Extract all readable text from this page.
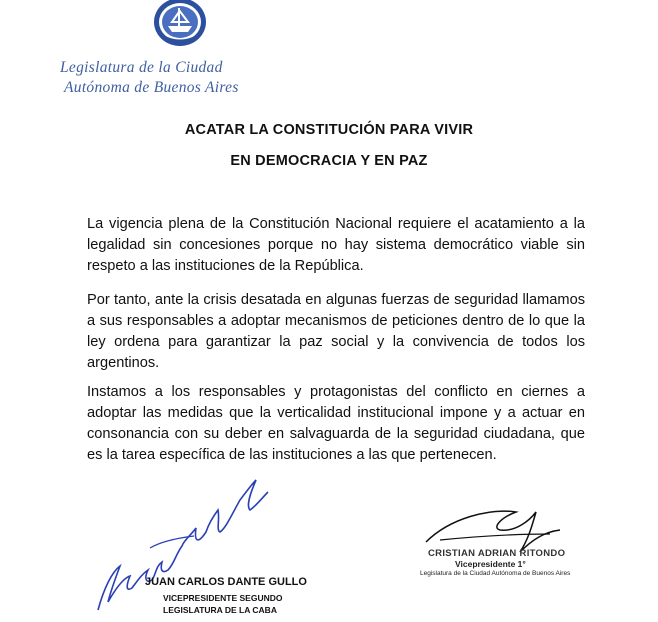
Legislatura de la Ciudad
Autónoma de Buenos Aires
ACATAR LA CONSTITUCIÓN PARA VIVIR
EN DEMOCRACIA Y EN PAZ
La vigencia plena de la Constitución Nacional requiere el acatamiento a la legalidad sin concesiones porque no hay sistema democrático viable sin respeto a las instituciones de la República.
Por tanto, ante la crisis desatada en algunas fuerzas de seguridad llamamos a sus responsables a adoptar mecanismos de peticiones dentro de lo que la ley ordena para garantizar la paz social y la convivencia de todos los argentinos.
Instamos a los responsables y protagonistas del conflicto en ciernes a adoptar las medidas que la verticalidad institucional impone y a actuar en consonancia con su deber en salvaguarda de la seguridad ciudadana, que es la tarea específica de las instituciones a las que pertenecen.
JUAN CARLOS DANTE GULLO
VICEPRESIDENTE SEGUNDO
LEGISLATURA DE LA CABA
CRISTIAN ADRIAN RITONDO
Vicepresidente 1°
Legislatura de la Ciudad Autónoma de Buenos Aires
